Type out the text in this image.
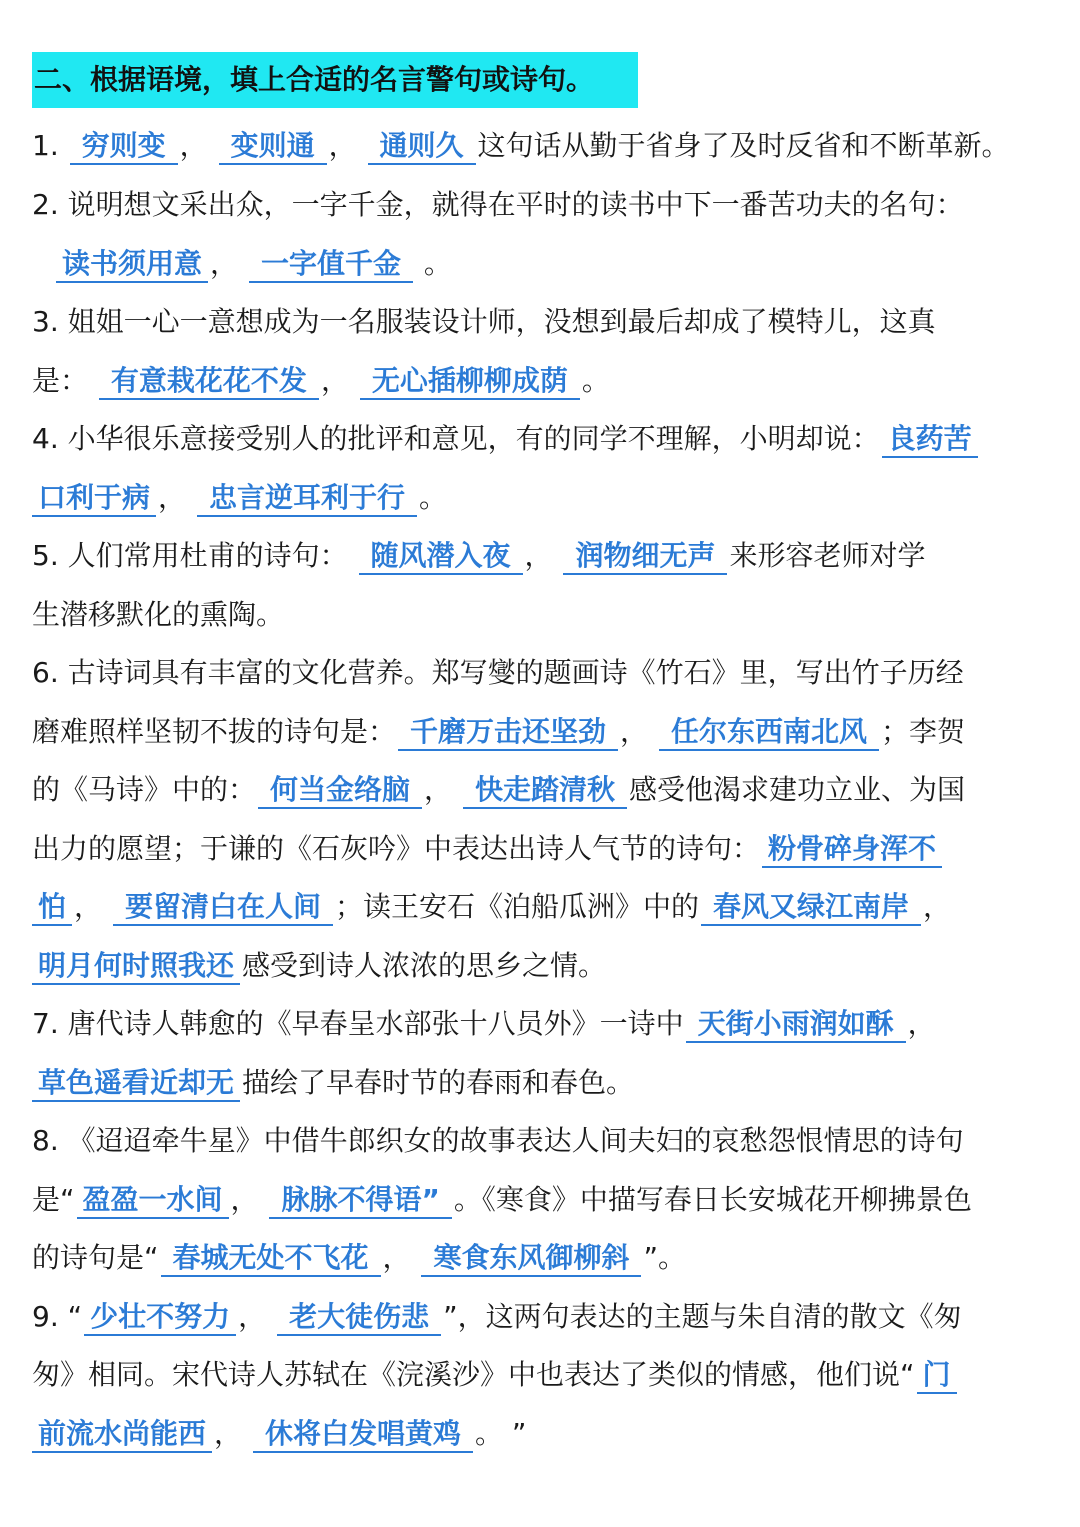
二、根据语境，填上合适的名言警句或诗句。
1. 穷则变 ， 变则通 ， 通则久 这句话从勤于省身了及时反省和不断革新。
2. 说明想文采出众，一字千金，就得在平时的读书中下一番苦功夫的名句：
读书须用意 ， 一字值千金 。
3. 姐姐一心一意想成为一名服装设计师，没想到最后却成了模特儿，这真
是： 有意栽花花不发 ， 无心插柳柳成荫 。
4. 小华很乐意接受别人的批评和意见，有的同学不理解，小明却说： 良药苦
口利于病 ， 忠言逆耳利于行 。
5. 人们常用杜甫的诗句： 随风潜入夜 ， 润物细无声 来形容老师对学
生潜移默化的熏陶。
6. 古诗词具有丰富的文化营养。郑写燮的题画诗《竹石》里，写出竹子历经
磨难照样坚韧不拔的诗句是： 千磨万击还坚劲 ， 任尔东西南北风 ；李贺
的《马诗》中的： 何当金络脑 ， 快走踏清秋 感受他渴求建功立业、为国
出力的愿望；于谦的《石灰吟》中表达出诗人气节的诗句： 粉骨碎身浑不
怕 ， 要留清白在人间 ；读王安石《泊船瓜洲》中的 春风又绿江南岸 ，
明月何时照我还 感受到诗人浓浓的思乡之情。
7. 唐代诗人韩愈的《早春呈水部张十八员外》一诗中 天街小雨润如酥 ，
草色遥看近却无 描绘了早春时节的春雨和春色。
8. 《迢迢牵牛星》中借牛郎织女的故事表达人间夫妇的哀愁怨恨情思的诗句
是“ 盈盈一水间 ， 脉脉不得语” 。《寒食》中描写春日长安城花开柳拂景色
的诗句是“ 春城无处不飞花 ， 寒食东风御柳斜 ”。
9. “ 少壮不努力 ， 老大徒伤悲 ”，这两句表达的主题与朱自清的散文《匆
匆》相同。宋代诗人苏轼在《浣溪沙》中也表达了类似的情感，他们说“ 门
前流水尚能西 ， 休将白发唱黄鸡 。 ”
